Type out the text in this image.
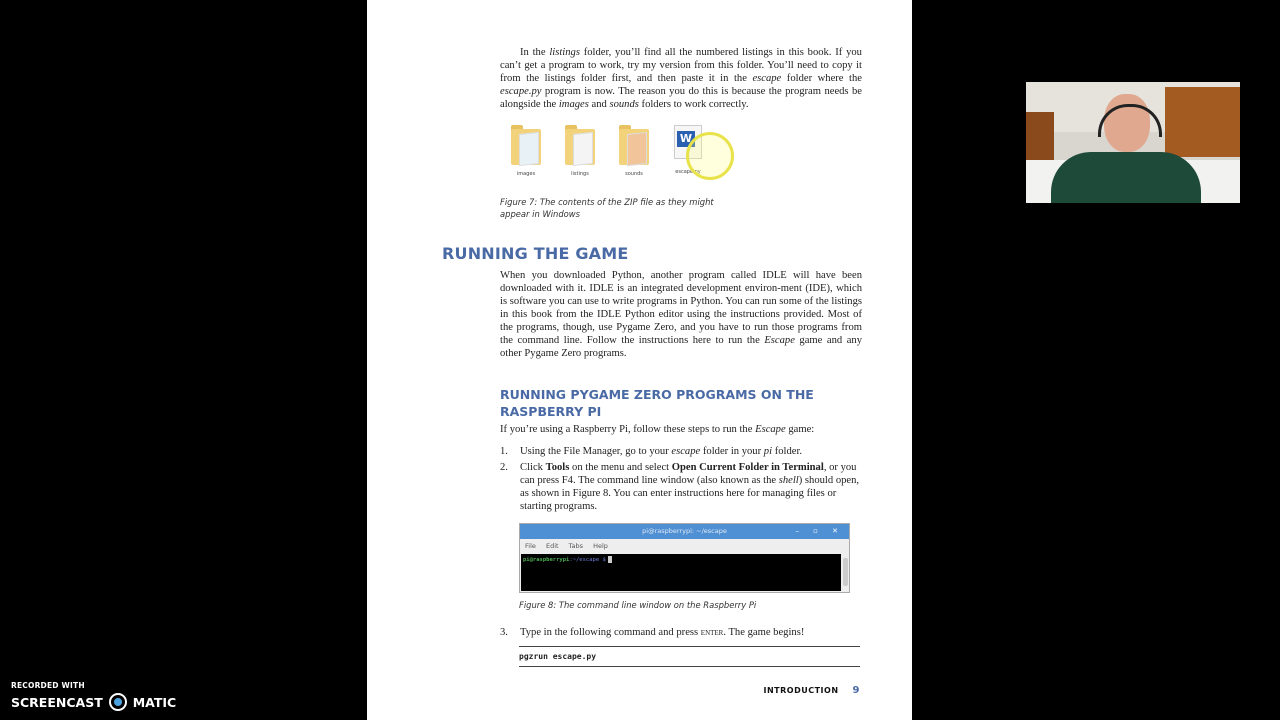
In the listings folder, you’ll find all the numbered listings in this book. If you can’t get a program to work, try my version from this folder. You’ll need to copy it from the listings folder first, and then paste it in the escape folder where the escape.py program is now. The reason you do this is because the program needs be alongside the images and sounds folders to work correctly.

images	listings	sounds
W
escape.py
Figure 7: The contents of the ZIP file as they might
appear in Windows
RUNNING THE GAME

When you downloaded Python, another program called IDLE will have been downloaded with it. IDLE is an integrated development environ-ment (IDE), which is software you can use to write programs in Python. You can run some of the listings in this book from the IDLE Python editor using the instructions provided. Most of the programs, though, use Pygame Zero, and you have to run those programs from the command line. Follow the instructions here to run the Escape game and any other Pygame Zero programs.

RUNNING PYGAME ZERO PROGRAMS ON THE RASPBERRY PI

If you’re using a Raspberry Pi, follow these steps to run the Escape game:

1. Using the File Manager, go to your escape folder in your pi folder.
2. Click Tools on the menu and select Open Current Folder in Terminal, or you can press F4. The command line window (also known as the shell) should open, as shown in Figure 8. You can enter instructions here for managing files or starting programs.
pi@raspberrypi: ~/escape	– ▫ ✕
File Edit Tabs Help
pi@raspberrypi:~/escape $
Figure 8: The command line window on the Raspberry Pi
3. Type in the following command and press enter. The game begins!
pgzrun escape.py
INTRODUCTION 9
RECORDED WITH
SCREENCAST MATIC
